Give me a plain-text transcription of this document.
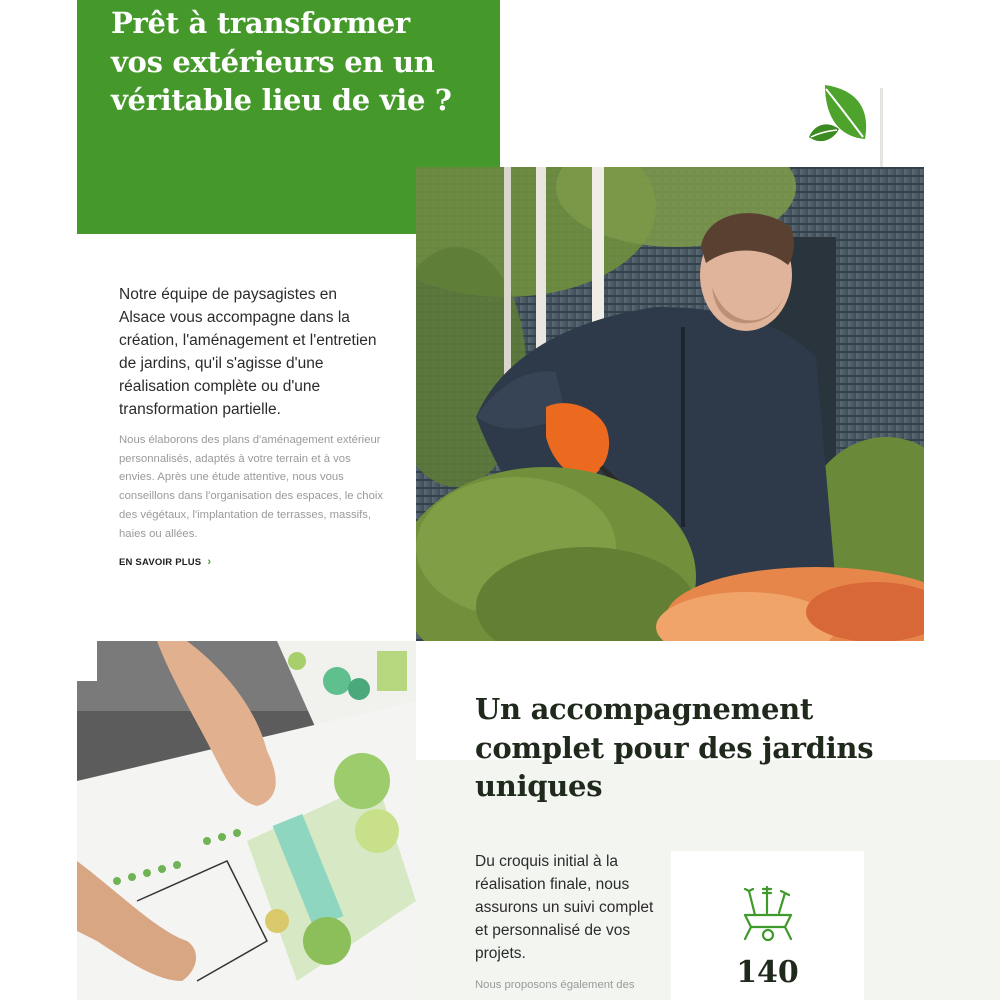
Prêt à transformer vos extérieurs en un véritable lieu de vie ?

Notre équipe de paysagistes en Alsace vous accompagne dans la création, l'aménagement et l'entretien de jardins, qu'il s'agisse d'une réalisation complète ou d'une transformation partielle.

Nous élaborons des plans d'aménagement extérieur personnalisés, adaptés à votre terrain et à vos envies. Après une étude attentive, nous vous conseillons dans l'organisation des espaces, le choix des végétaux, l'implantation de terrasses, massifs, haies ou allées.

EN SAVOIR PLUS ›
Un accompagnement complet pour des jardins uniques

Du croquis initial à la réalisation finale, nous assurons un suivi complet et personnalisé de vos projets.

Nous proposons également des	140
